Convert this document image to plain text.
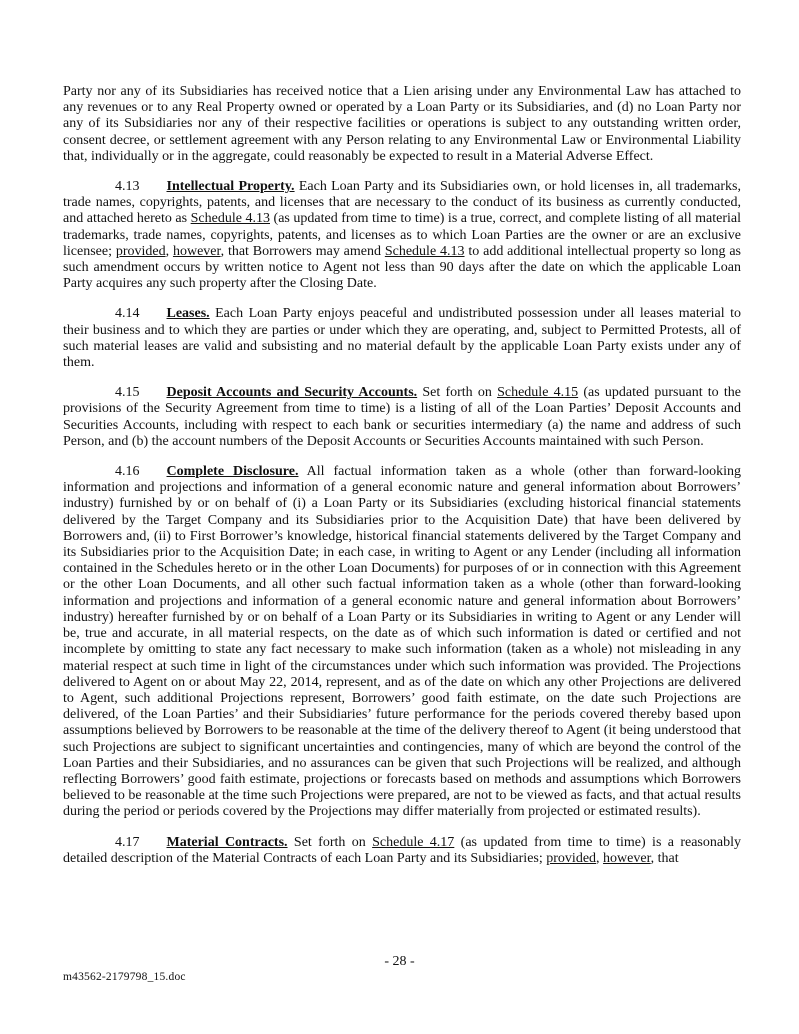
Party nor any of its Subsidiaries has received notice that a Lien arising under any Environmental Law has attached to any revenues or to any Real Property owned or operated by a Loan Party or its Subsidiaries, and (d) no Loan Party nor any of its Subsidiaries nor any of their respective facilities or operations is subject to any outstanding written order, consent decree, or settlement agreement with any Person relating to any Environmental Law or Environmental Liability that, individually or in the aggregate, could reasonably be expected to result in a Material Adverse Effect.

4.13 Intellectual Property. Each Loan Party and its Subsidiaries own, or hold licenses in, all trademarks, trade names, copyrights, patents, and licenses that are necessary to the conduct of its business as currently conducted, and attached hereto as Schedule 4.13 (as updated from time to time) is a true, correct, and complete listing of all material trademarks, trade names, copyrights, patents, and licenses as to which Loan Parties are the owner or are an exclusive licensee; provided, however, that Borrowers may amend Schedule 4.13 to add additional intellectual property so long as such amendment occurs by written notice to Agent not less than 90 days after the date on which the applicable Loan Party acquires any such property after the Closing Date.

4.14 Leases. Each Loan Party enjoys peaceful and undistributed possession under all leases material to their business and to which they are parties or under which they are operating, and, subject to Permitted Protests, all of such material leases are valid and subsisting and no material default by the applicable Loan Party exists under any of them.

4.15 Deposit Accounts and Security Accounts. Set forth on Schedule 4.15 (as updated pursuant to the provisions of the Security Agreement from time to time) is a listing of all of the Loan Parties’ Deposit Accounts and Securities Accounts, including with respect to each bank or securities intermediary (a) the name and address of such Person, and (b) the account numbers of the Deposit Accounts or Securities Accounts maintained with such Person.

4.16 Complete Disclosure. All factual information taken as a whole (other than forward-looking information and projections and information of a general economic nature and general information about Borrowers’ industry) furnished by or on behalf of (i) a Loan Party or its Subsidiaries (excluding historical financial statements delivered by the Target Company and its Subsidiaries prior to the Acquisition Date) that have been delivered by Borrowers and, (ii) to First Borrower’s knowledge, historical financial statements delivered by the Target Company and its Subsidiaries prior to the Acquisition Date; in each case, in writing to Agent or any Lender (including all information contained in the Schedules hereto or in the other Loan Documents) for purposes of or in connection with this Agreement or the other Loan Documents, and all other such factual information taken as a whole (other than forward-looking information and projections and information of a general economic nature and general information about Borrowers’ industry) hereafter furnished by or on behalf of a Loan Party or its Subsidiaries in writing to Agent or any Lender will be, true and accurate, in all material respects, on the date as of which such information is dated or certified and not incomplete by omitting to state any fact necessary to make such information (taken as a whole) not misleading in any material respect at such time in light of the circumstances under which such information was provided. The Projections delivered to Agent on or about May 22, 2014, represent, and as of the date on which any other Projections are delivered to Agent, such additional Projections represent, Borrowers’ good faith estimate, on the date such Projections are delivered, of the Loan Parties’ and their Subsidiaries’ future performance for the periods covered thereby based upon assumptions believed by Borrowers to be reasonable at the time of the delivery thereof to Agent (it being understood that such Projections are subject to significant uncertainties and contingencies, many of which are beyond the control of the Loan Parties and their Subsidiaries, and no assurances can be given that such Projections will be realized, and although reflecting Borrowers’ good faith estimate, projections or forecasts based on methods and assumptions which Borrowers believed to be reasonable at the time such Projections were prepared, are not to be viewed as facts, and that actual results during the period or periods covered by the Projections may differ materially from projected or estimated results).

4.17 Material Contracts. Set forth on Schedule 4.17 (as updated from time to time) is a reasonably detailed description of the Material Contracts of each Loan Party and its Subsidiaries; provided, however, that

- 28 -
m43562-2179798_15.doc
